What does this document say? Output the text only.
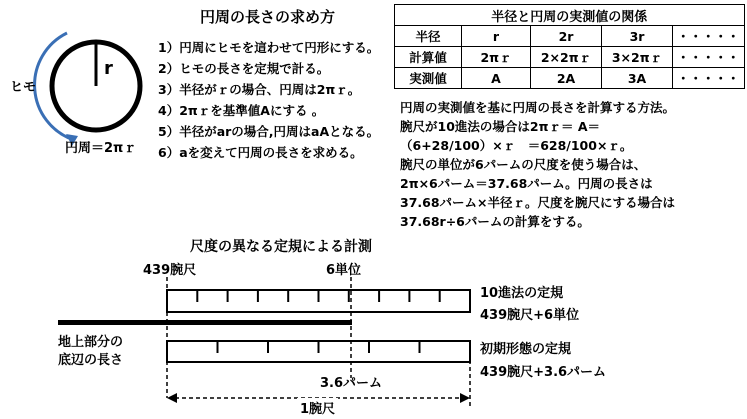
円周の長さの求め方
r
ヒモ
円周＝2πｒ
1）円周にヒモを這わせて円形にする。
2）ヒモの長さを定規で計る。
3）半径がｒの場合、円周は2πｒ。
4）2πｒを基準値Aにする 。
5）半径がarの場合,円周はaAとなる。
6）aを変えて円周の長さを求める。
半径と円周の実測値の関係				
半径	r	2r	3r	・・・・・
計算値	2πｒ	2×2πｒ	3×2πｒ	・・・・・
実測値	A	2A	3A	・・・・・
円周の実測値を基に円周の長さを計算する方法。
腕尺が10進法の場合は2πｒ＝ A＝
（6+28/100）×ｒ　＝628/100×ｒ。
腕尺の単位が6パームの尺度を使う場合は、
2π×6パーム＝37.68パーム。円周の長さは
37.68パーム×半径ｒ。尺度を腕尺にする場合は
37.68r÷6パームの計算をする。
尺度の異なる定規による計測
439腕尺	6単位
10進法の定規
439腕尺+6単位
地上部分の
底辺の長さ
初期形態の定規
439腕尺+3.6パーム
3.6パーム
1腕尺
